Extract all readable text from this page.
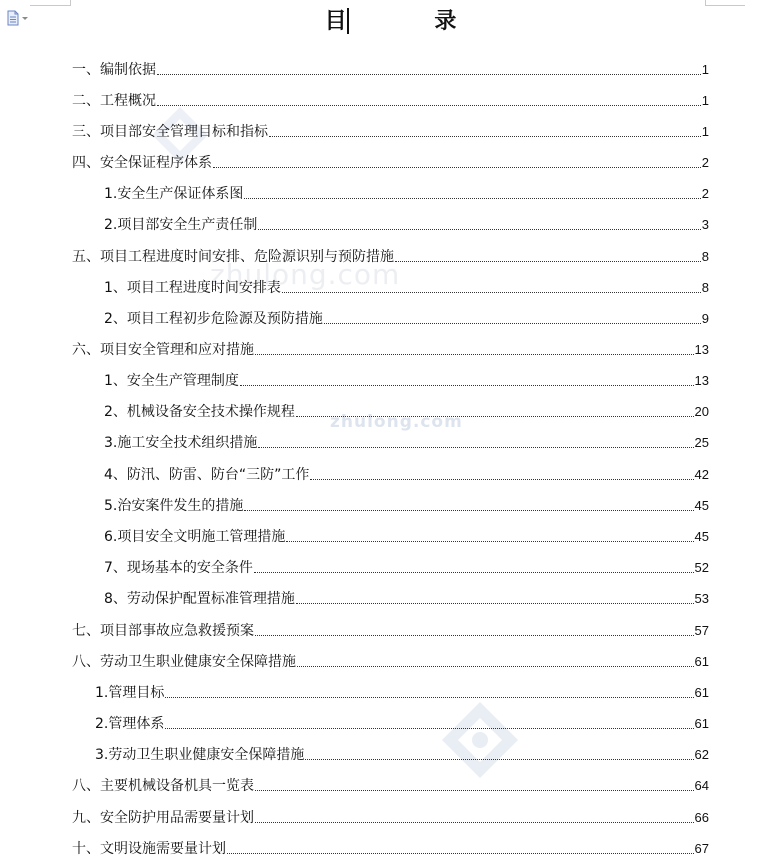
zhulong.com
zhulong.com
目 录
一、编制依据	1
二、工程概况	1
三、项目部安全管理目标和指标	1
四、安全保证程序体系	2
1.安全生产保证体系图	2
2.项目部安全生产责任制	3
五、项目工程进度时间安排、危险源识别与预防措施	8
1、项目工程进度时间安排表	8
2、项目工程初步危险源及预防措施	9
六、项目安全管理和应对措施	13
1、安全生产管理制度	13
2、机械设备安全技术操作规程	20
3.施工安全技术组织措施	25
4、防汛、防雷、防台“三防”工作	42
5.治安案件发生的措施	45
6.项目安全文明施工管理措施	45
7、现场基本的安全条件	52
8、劳动保护配置标准管理措施	53
七、项目部事故应急救援预案	57
八、劳动卫生职业健康安全保障措施	61
1.管理目标	61
2.管理体系	61
3.劳动卫生职业健康安全保障措施	62
八、主要机械设备机具一览表	64
九、安全防护用品需要量计划	66
十、文明设施需要量计划	67
